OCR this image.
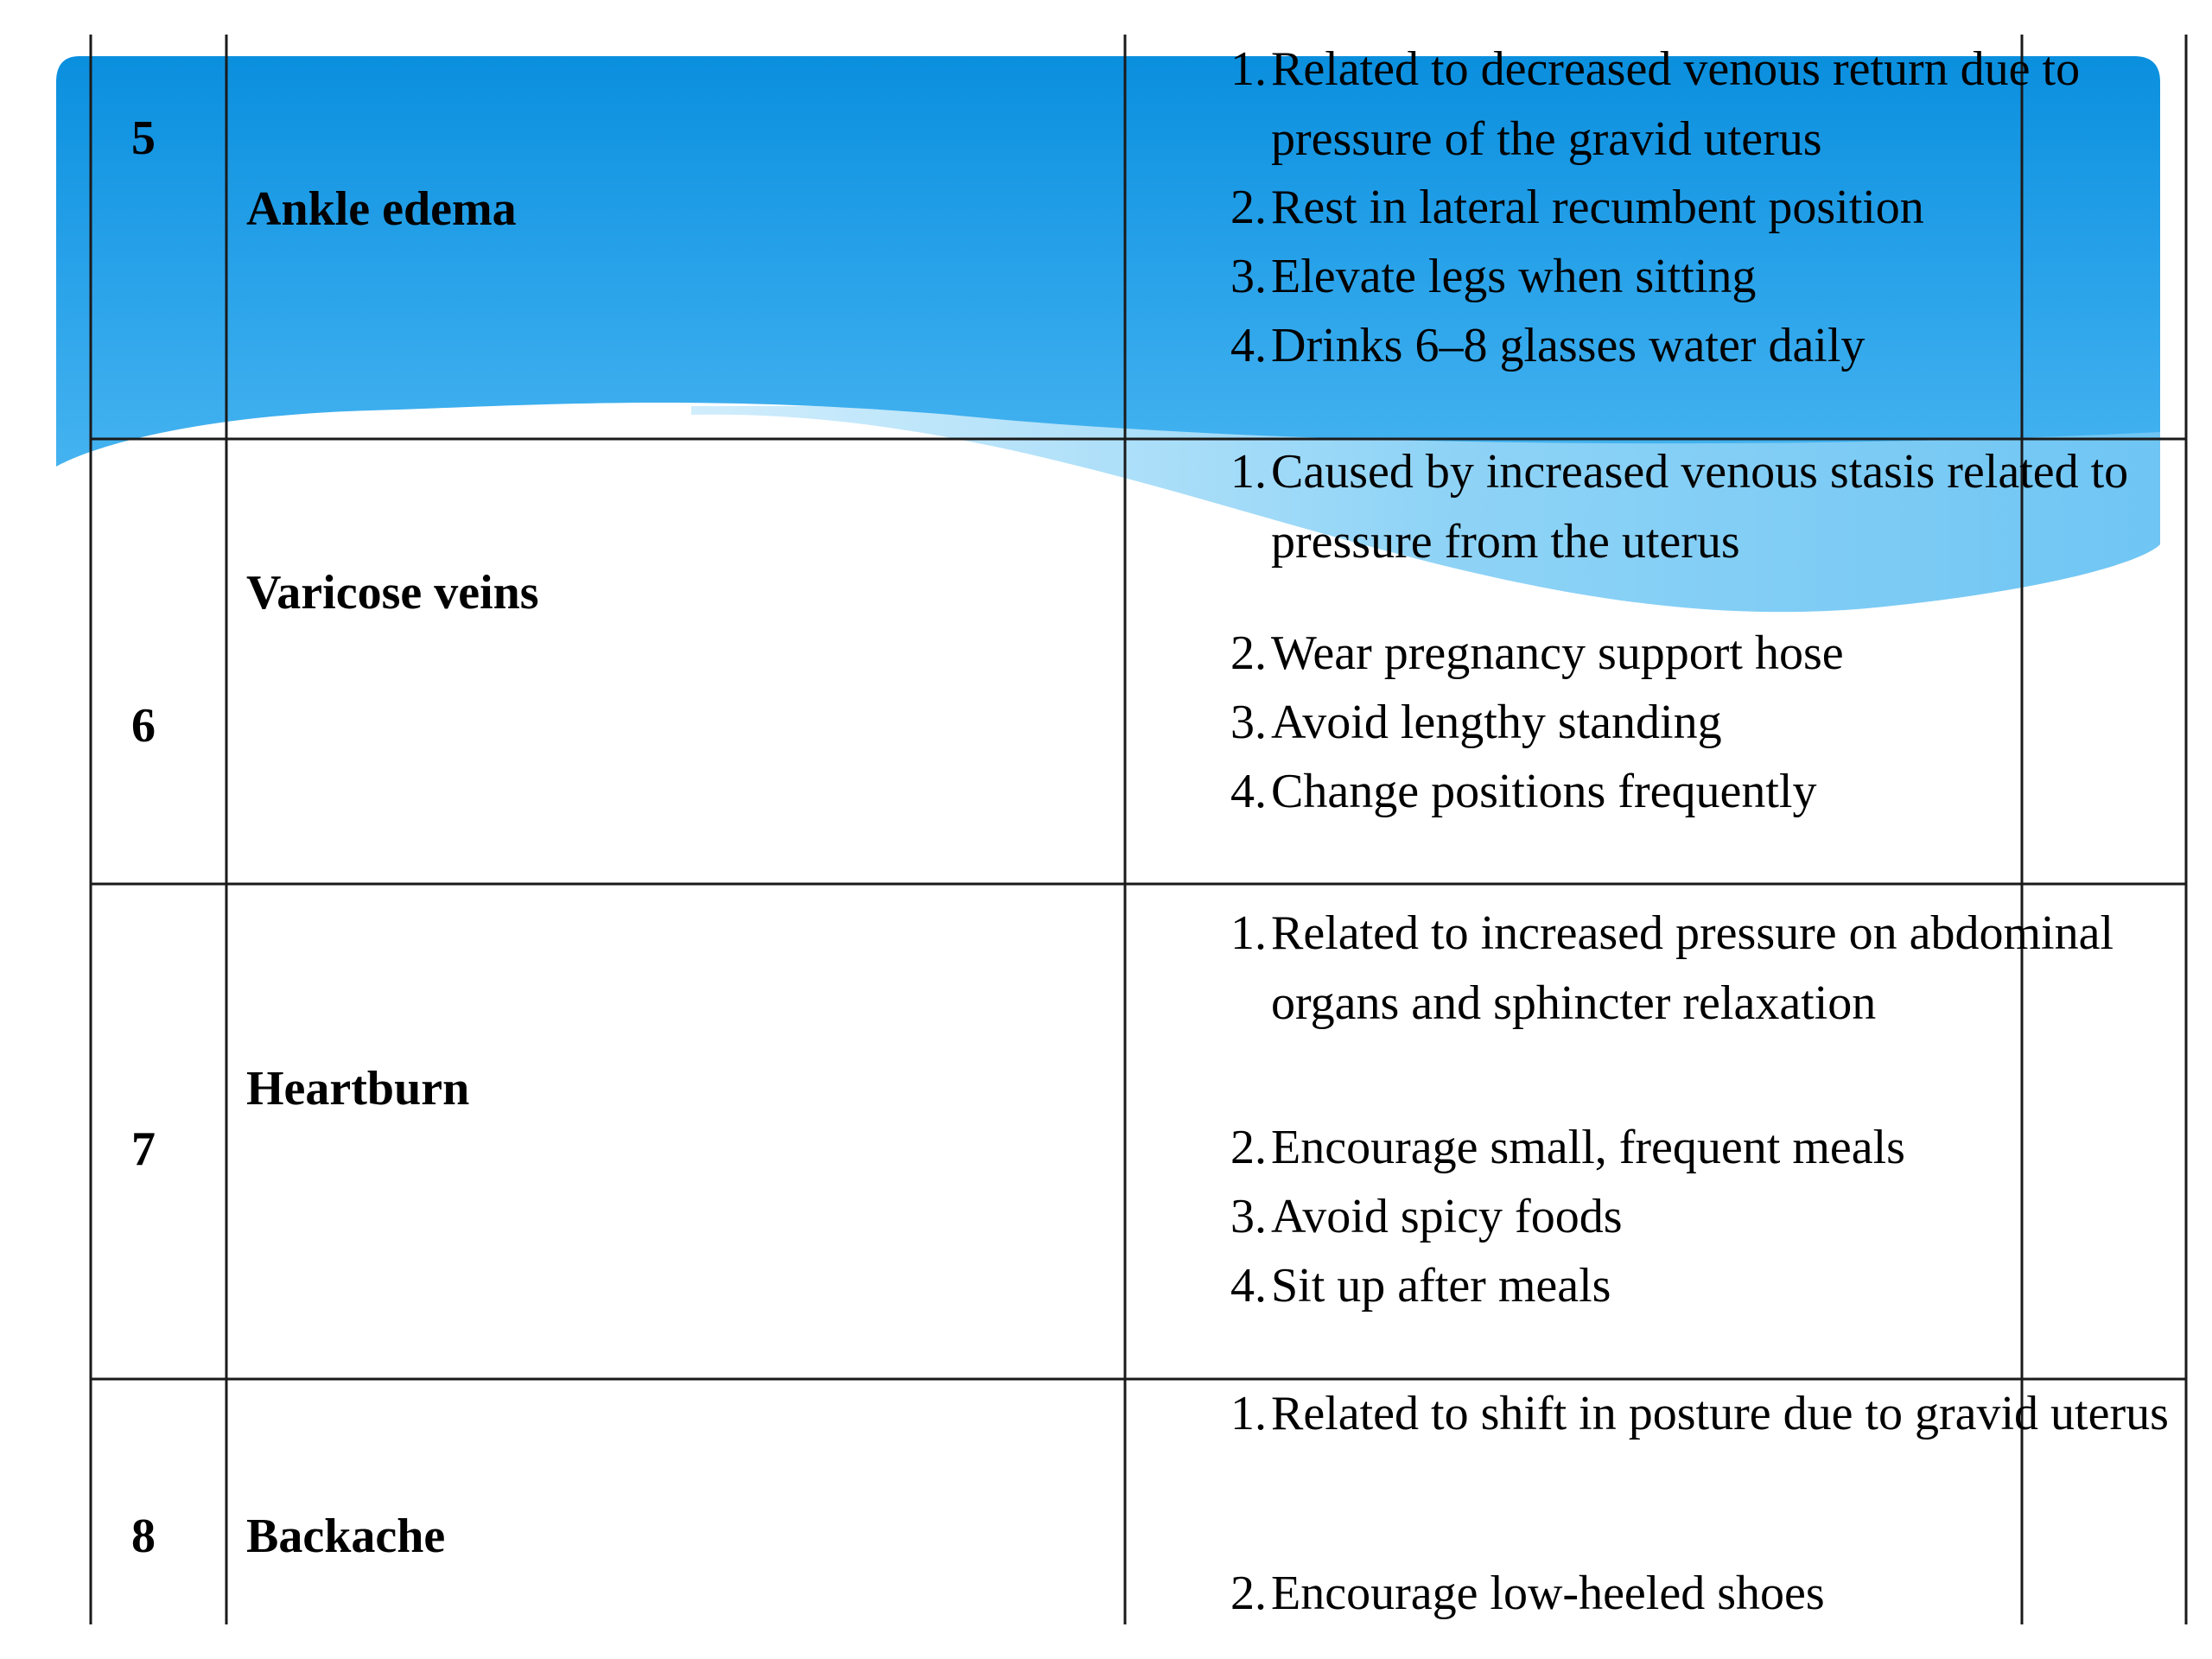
5
Ankle edema
1. Related to decreased venous return due to pressure of the gravid uterus
2. Rest in lateral recumbent position
3. Elevate legs when sitting
4. Drinks 6–8 glasses water daily
6
Varicose veins
1. Caused by increased venous stasis related to pressure from the uterus
2. Wear pregnancy support hose
3. Avoid lengthy standing
4. Change positions frequently
7
Heartburn
1. Related to increased pressure on abdominal organs and sphincter relaxation
2. Encourage small, frequent meals
3. Avoid spicy foods
4. Sit up after meals
8 Backache
1. Related to shift in posture due to gravid uterus
2. Encourage low-heeled shoes
